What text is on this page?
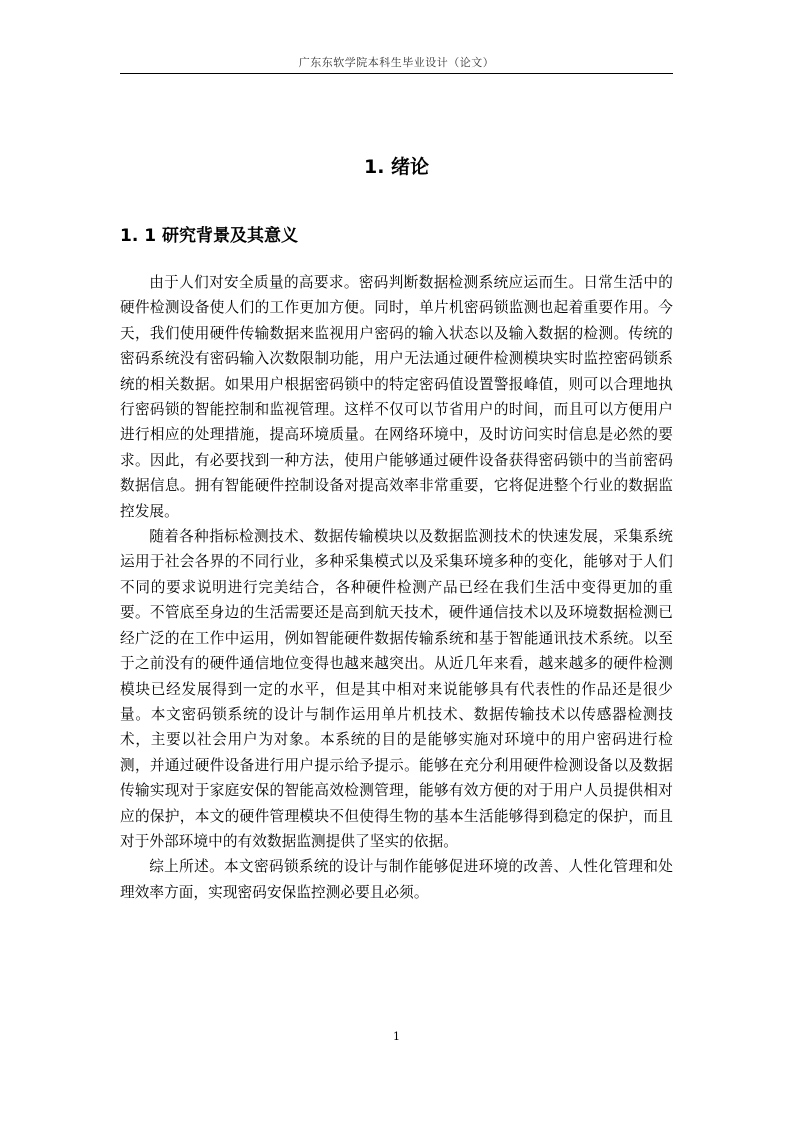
广东东软学院本科生毕业设计（论文）
1. 绪论
1. 1 研究背景及其意义

由于人们对安全质量的高要求。密码判断数据检测系统应运而生。日常生活中的硬件检测设备使人们的工作更加方便。同时，单片机密码锁监测也起着重要作用。今天，我们使用硬件传输数据来监视用户密码的输入状态以及输入数据的检测。传统的密码系统没有密码输入次数限制功能，用户无法通过硬件检测模块实时监控密码锁系统的相关数据。如果用户根据密码锁中的特定密码值设置警报峰值，则可以合理地执行密码锁的智能控制和监视管理。这样不仅可以节省用户的时间，而且可以方便用户进行相应的处理措施，提高环境质量。在网络环境中，及时访问实时信息是必然的要求。因此，有必要找到一种方法，使用户能够通过硬件设备获得密码锁中的当前密码数据信息。拥有智能硬件控制设备对提高效率非常重要，它将促进整个行业的数据监控发展。

随着各种指标检测技术、数据传输模块以及数据监测技术的快速发展，采集系统运用于社会各界的不同行业，多种采集模式以及采集环境多种的变化，能够对于人们不同的要求说明进行完美结合，各种硬件检测产品已经在我们生活中变得更加的重要。不管底至身边的生活需要还是高到航天技术，硬件通信技术以及环境数据检测已经广泛的在工作中运用，例如智能硬件数据传输系统和基于智能通讯技术系统。以至于之前没有的硬件通信地位变得也越来越突出。从近几年来看，越来越多的硬件检测模块已经发展得到一定的水平，但是其中相对来说能够具有代表性的作品还是很少量。本文密码锁系统的设计与制作运用单片机技术、数据传输技术以传感器检测技术，主要以社会用户为对象。本系统的目的是能够实施对环境中的用户密码进行检测，并通过硬件设备进行用户提示给予提示。能够在充分利用硬件检测设备以及数据传输实现对于家庭安保的智能高效检测管理，能够有效方便的对于用户人员提供相对应的保护，本文的硬件管理模块不但使得生物的基本生活能够得到稳定的保护，而且对于外部环境中的有效数据监测提供了坚实的依据。

综上所述。本文密码锁系统的设计与制作能够促进环境的改善、人性化管理和处理效率方面，实现密码安保监控测必要且必须。

1
